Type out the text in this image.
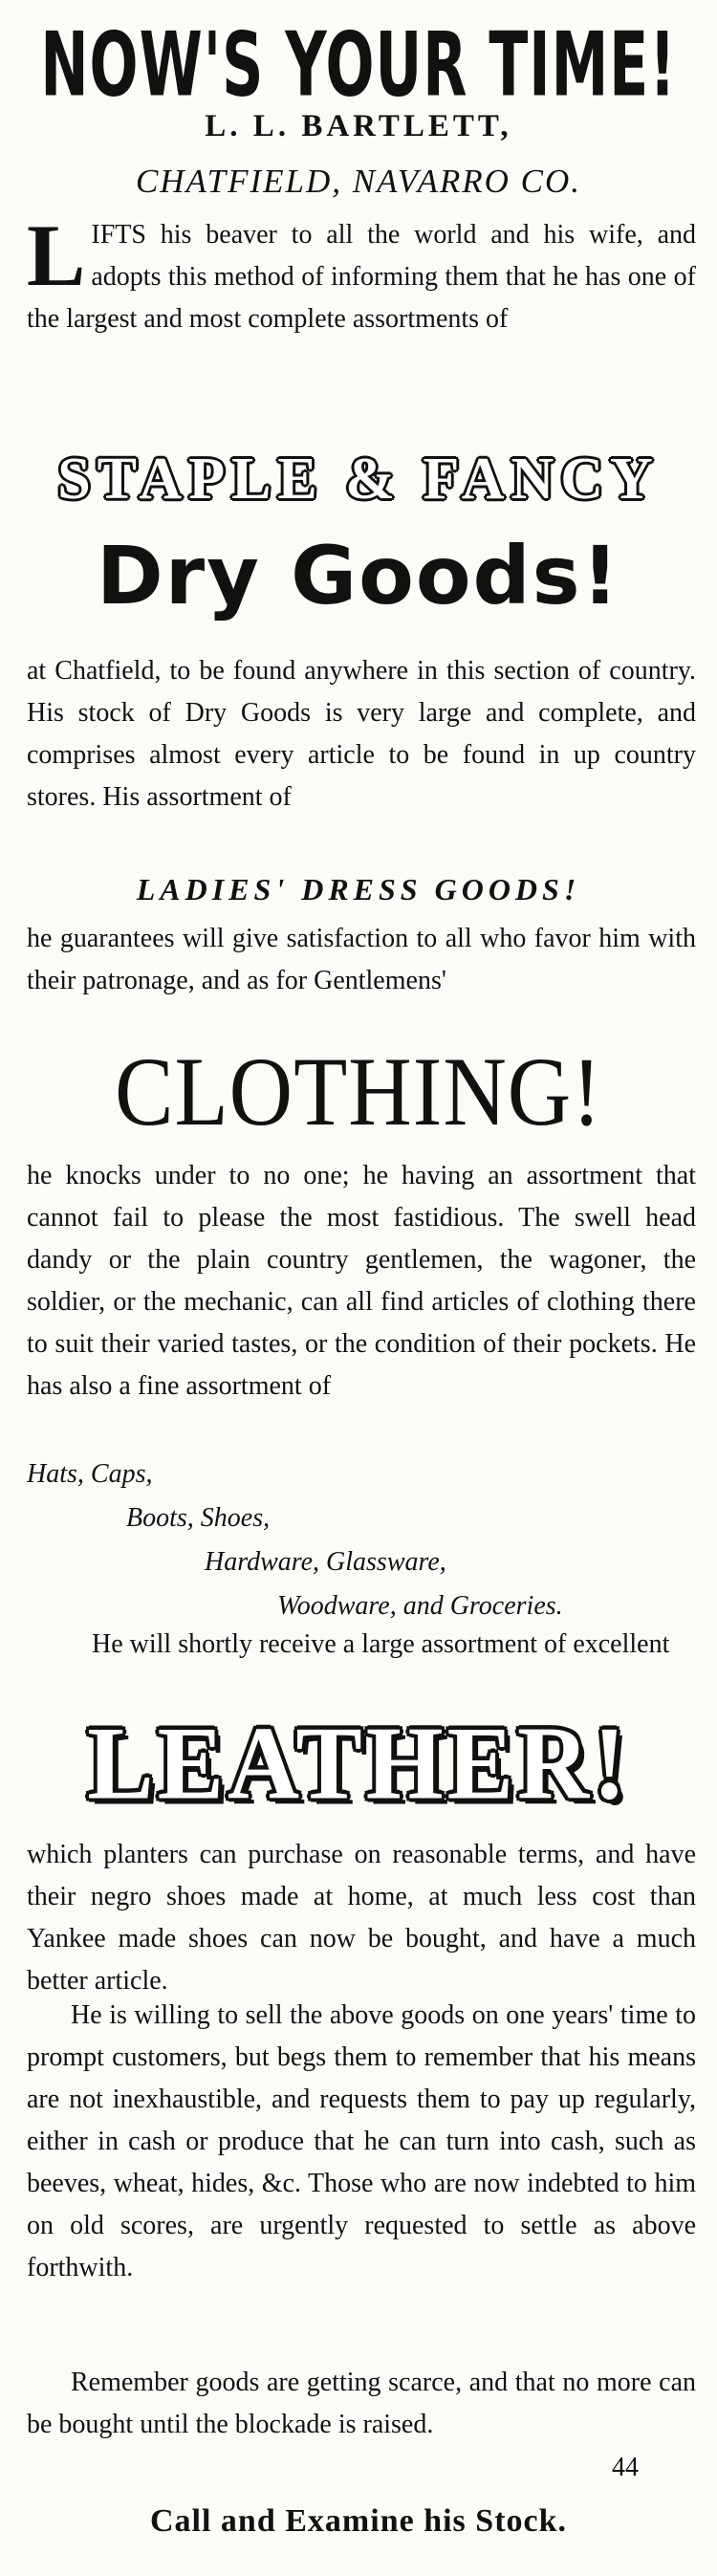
NOW'S YOUR TIME!
L. L. BARTLETT,
CHATFIELD, NAVARRO CO.
LIFTS his beaver to all the world and his wife, and adopts this method of informing them that he has one of the largest and most complete assortments of
STAPLE & FANCY
Dry Goods!
at Chatfield, to be found anywhere in this section of country. His stock of Dry Goods is very large and complete, and comprises almost every article to be found in up country stores. His assortment of
LADIES' DRESS GOODS!
he guarantees will give satisfaction to all who favor him with their patronage, and as for Gentlemens'
CLOTHING!
he knocks under to no one; he having an assortment that cannot fail to please the most fastidious. The swell head dandy or the plain country gentlemen, the wagoner, the soldier, or the mechanic, can all find articles of clothing there to suit their varied tastes, or the condition of their pockets. He has also a fine assortment of
Hats, Caps,
Boots, Shoes,
Hardware, Glassware,
Woodware, and Groceries.
He will shortly receive a large assortment of excellent
LEATHER!
which planters can purchase on reasonable terms, and have their negro shoes made at home, at much less cost than Yankee made shoes can now be bought, and have a much better article.
He is willing to sell the above goods on one years' time to prompt customers, but begs them to remember that his means are not inexhaustible, and requests them to pay up regularly, either in cash or produce that he can turn into cash, such as beeves, wheat, hides, &c. Those who are now indebted to him on old scores, are urgently requested to settle as above forthwith.
Remember goods are getting scarce, and that no more can be bought until the blockade is raised.
44
Call and Examine his Stock.
